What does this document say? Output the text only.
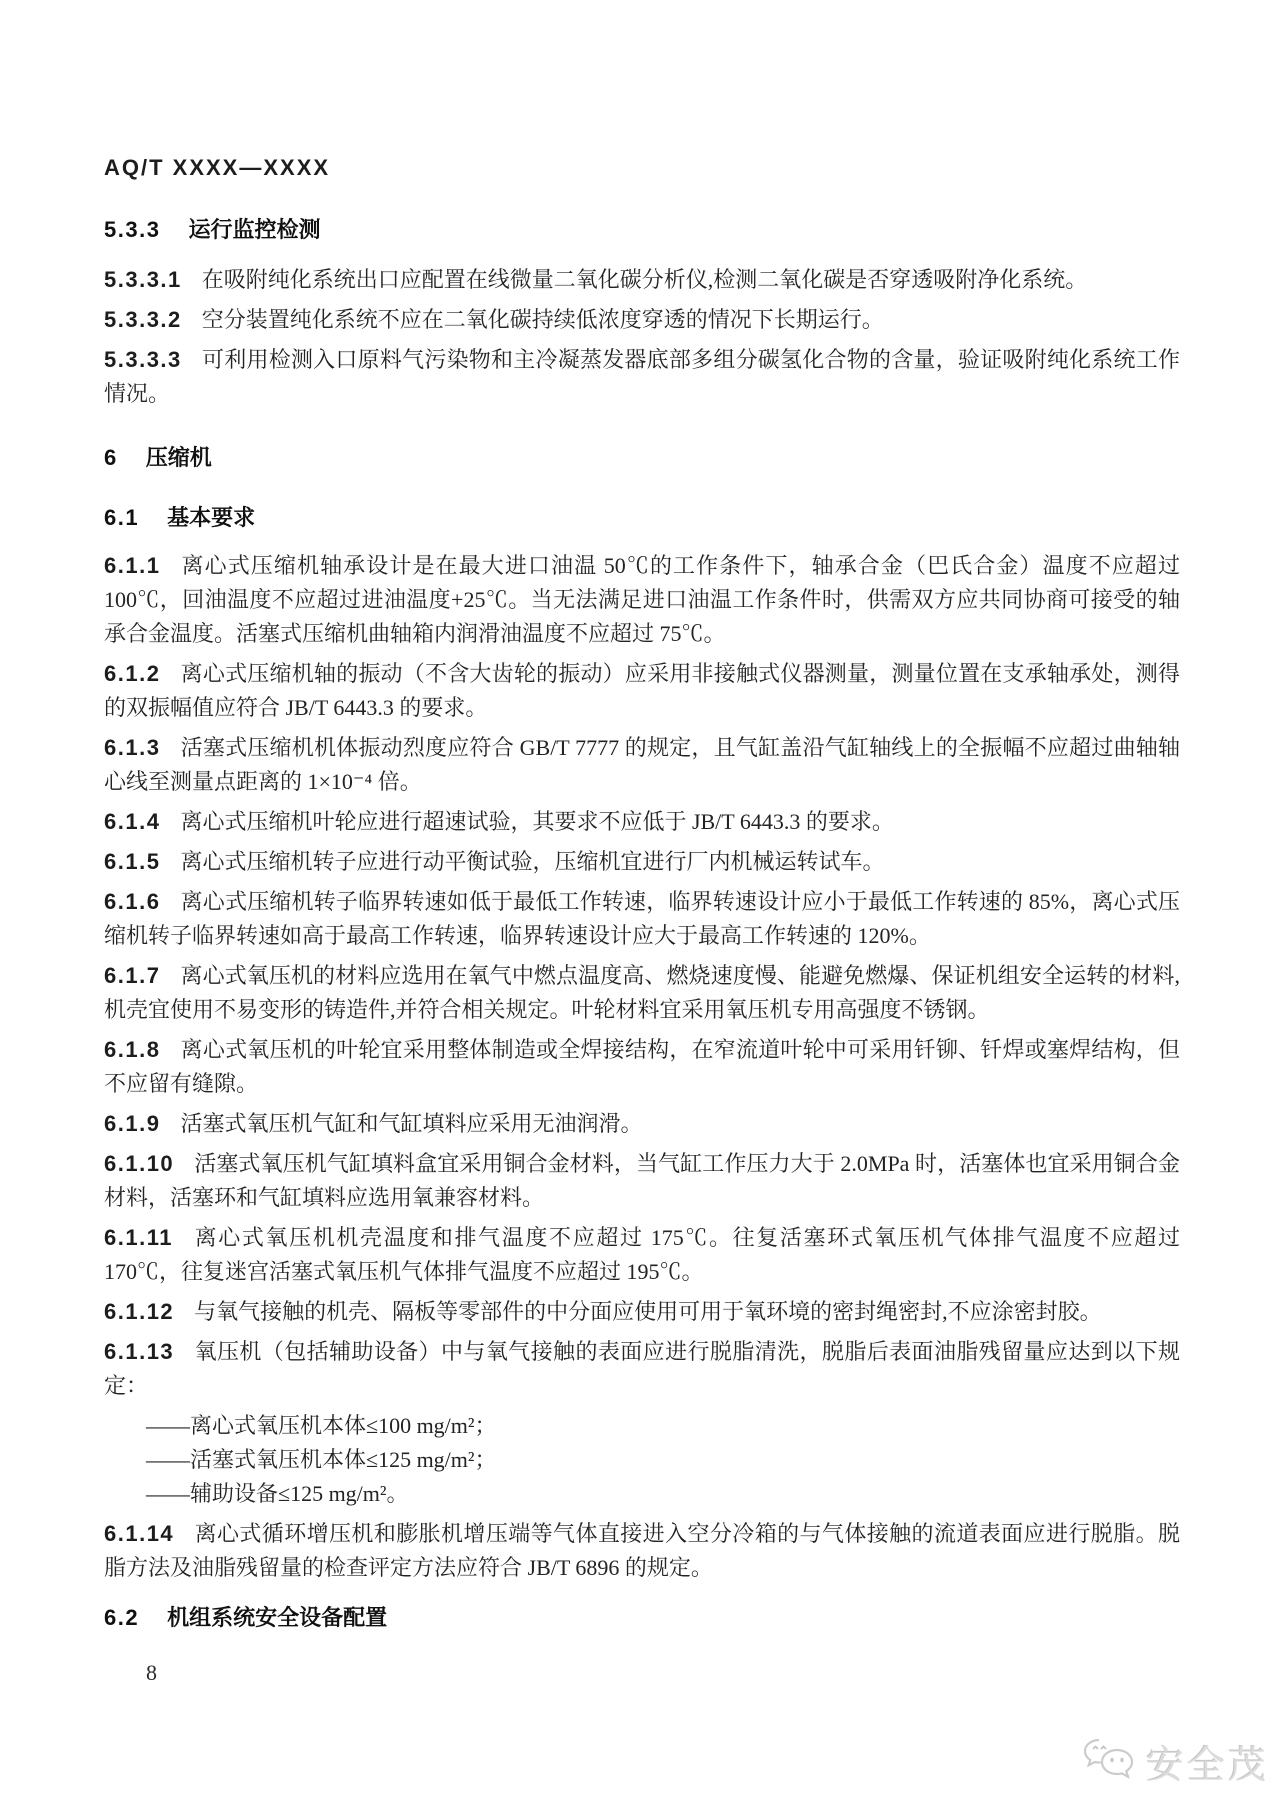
AQ/T XXXX—XXXX
5.3.3 运行监控检测

5.3.3.1 在吸附纯化系统出口应配置在线微量二氧化碳分析仪,检测二氧化碳是否穿透吸附净化系统。

5.3.3.2 空分装置纯化系统不应在二氧化碳持续低浓度穿透的情况下长期运行。

5.3.3.3 可利用检测入口原料气污染物和主冷凝蒸发器底部多组分碳氢化合物的含量，验证吸附纯化系统工作情况。

6 压缩机
6.1 基本要求

6.1.1 离心式压缩机轴承设计是在最大进口油温 50℃的工作条件下，轴承合金（巴氏合金）温度不应超过 100℃，回油温度不应超过进油温度+25℃。当无法满足进口油温工作条件时，供需双方应共同协商可接受的轴承合金温度。活塞式压缩机曲轴箱内润滑油温度不应超过 75℃。

6.1.2 离心式压缩机轴的振动（不含大齿轮的振动）应采用非接触式仪器测量，测量位置在支承轴承处，测得的双振幅值应符合 JB/T 6443.3 的要求。

6.1.3 活塞式压缩机机体振动烈度应符合 GB/T 7777 的规定，且气缸盖沿气缸轴线上的全振幅不应超过曲轴轴心线至测量点距离的 1×10⁻⁴ 倍。

6.1.4 离心式压缩机叶轮应进行超速试验，其要求不应低于 JB/T 6443.3 的要求。

6.1.5 离心式压缩机转子应进行动平衡试验，压缩机宜进行厂内机械运转试车。

6.1.6 离心式压缩机转子临界转速如低于最低工作转速，临界转速设计应小于最低工作转速的 85%，离心式压缩机转子临界转速如高于最高工作转速，临界转速设计应大于最高工作转速的 120%。

6.1.7 离心式氧压机的材料应选用在氧气中燃点温度高、燃烧速度慢、能避免燃爆、保证机组安全运转的材料,机壳宜使用不易变形的铸造件,并符合相关规定。叶轮材料宜采用氧压机专用高强度不锈钢。

6.1.8 离心式氧压机的叶轮宜采用整体制造或全焊接结构，在窄流道叶轮中可采用钎铆、钎焊或塞焊结构，但不应留有缝隙。

6.1.9 活塞式氧压机气缸和气缸填料应采用无油润滑。

6.1.10 活塞式氧压机气缸填料盒宜采用铜合金材料，当气缸工作压力大于 2.0MPa 时，活塞体也宜采用铜合金材料，活塞环和气缸填料应选用氧兼容材料。

6.1.11 离心式氧压机机壳温度和排气温度不应超过 175℃。往复活塞环式氧压机气体排气温度不应超过 170℃，往复迷宫活塞式氧压机气体排气温度不应超过 195℃。

6.1.12 与氧气接触的机壳、隔板等零部件的中分面应使用可用于氧环境的密封绳密封,不应涂密封胶。

6.1.13 氧压机（包括辅助设备）中与氧气接触的表面应进行脱脂清洗，脱脂后表面油脂残留量应达到以下规定：

——离心式氧压机本体≤100 mg/m²；

——活塞式氧压机本体≤125 mg/m²；

——辅助设备≤125 mg/m²。

6.1.14 离心式循环增压机和膨胀机增压端等气体直接进入空分冷箱的与气体接触的流道表面应进行脱脂。脱脂方法及油脂残留量的检查评定方法应符合 JB/T 6896 的规定。

6.2 机组系统安全设备配置
8
安全茂
